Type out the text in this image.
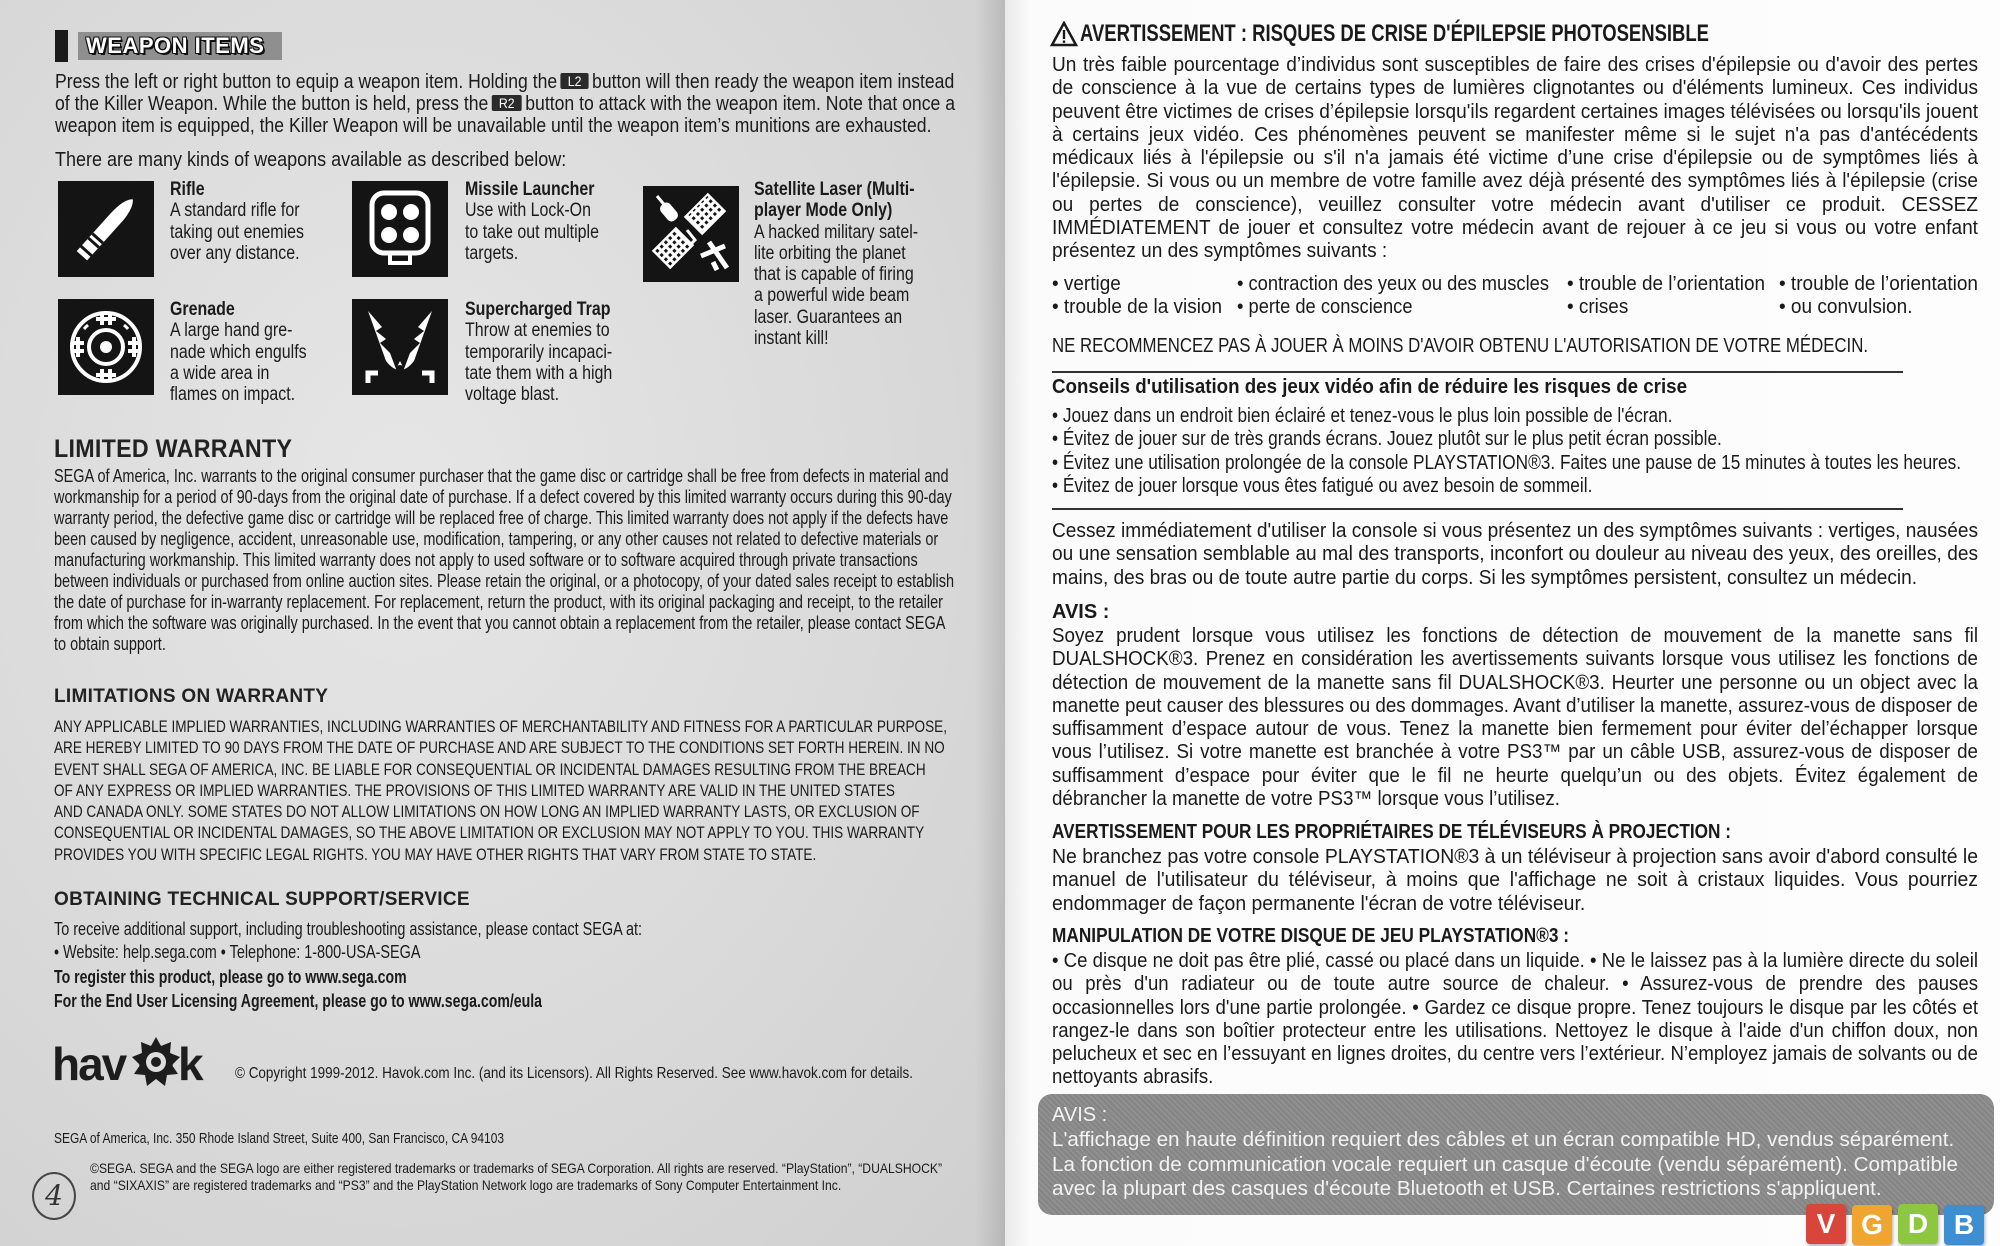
WEAPON ITEMS
Press the left or right button to equip a weapon item. Holding the L2 button will then ready the weapon item instead
of the Killer Weapon. While the button is held, press the R2 button to attack with the weapon item. Note that once a
weapon item is equipped, the Killer Weapon will be unavailable until the weapon item’s munitions are exhausted.
There are many kinds of weapons available as described below:
Rifle
A standard rifle for
taking out enemies
over any distance.
Missile Launcher
Use with Lock-On
to take out multiple
targets.
Satellite Laser (Multi-
player Mode Only)
A hacked military satel-
lite orbiting the planet
that is capable of firing
a powerful wide beam
laser. Guarantees an
instant kill!
Grenade
A large hand gre-
nade which engulfs
a wide area in
flames on impact.
Supercharged Trap
Throw at enemies to
temporarily incapaci-
tate them with a high
voltage blast.
LIMITED WARRANTY
SEGA of America, Inc. warrants to the original consumer purchaser that the game disc or cartridge shall be free from defects in material and
workmanship for a period of 90-days from the original date of purchase. If a defect covered by this limited warranty occurs during this 90-day
warranty period, the defective game disc or cartridge will be replaced free of charge. This limited warranty does not apply if the defects have
been caused by negligence, accident, unreasonable use, modification, tampering, or any other causes not related to defective materials or
manufacturing workmanship. This limited warranty does not apply to used software or to software acquired through private transactions
between individuals or purchased from online auction sites. Please retain the original, or a photocopy, of your dated sales receipt to establish
the date of purchase for in-warranty replacement. For replacement, return the product, with its original packaging and receipt, to the retailer
from which the software was originally purchased. In the event that you cannot obtain a replacement from the retailer, please contact SEGA
to obtain support.
LIMITATIONS ON WARRANTY
ANY APPLICABLE IMPLIED WARRANTIES, INCLUDING WARRANTIES OF MERCHANTABILITY AND FITNESS FOR A PARTICULAR PURPOSE,
ARE HEREBY LIMITED TO 90 DAYS FROM THE DATE OF PURCHASE AND ARE SUBJECT TO THE CONDITIONS SET FORTH HEREIN. IN NO
EVENT SHALL SEGA OF AMERICA, INC. BE LIABLE FOR CONSEQUENTIAL OR INCIDENTAL DAMAGES RESULTING FROM THE BREACH
OF ANY EXPRESS OR IMPLIED WARRANTIES. THE PROVISIONS OF THIS LIMITED WARRANTY ARE VALID IN THE UNITED STATES
AND CANADA ONLY. SOME STATES DO NOT ALLOW LIMITATIONS ON HOW LONG AN IMPLIED WARRANTY LASTS, OR EXCLUSION OF
CONSEQUENTIAL OR INCIDENTAL DAMAGES, SO THE ABOVE LIMITATION OR EXCLUSION MAY NOT APPLY TO YOU. THIS WARRANTY
PROVIDES YOU WITH SPECIFIC LEGAL RIGHTS. YOU MAY HAVE OTHER RIGHTS THAT VARY FROM STATE TO STATE.
OBTAINING TECHNICAL SUPPORT/SERVICE
To receive additional support, including troubleshooting assistance, please contact SEGA at:
• Website: help.sega.com • Telephone: 1-800-USA-SEGA
To register this product, please go to www.sega.com
For the End User Licensing Agreement, please go to www.sega.com/eula
hav k © Copyright 1999-2012. Havok.com Inc. (and its Licensors). All Rights Reserved. See www.havok.com for details.
SEGA of America, Inc. 350 Rhode Island Street, Suite 400, San Francisco, CA 94103
©SEGA. SEGA and the SEGA logo are either registered trademarks or trademarks of SEGA Corporation. All rights are reserved. “PlayStation”, “DUALSHOCK”
and “SIXAXIS” are registered trademarks and “PS3” and the PlayStation Network logo are trademarks of Sony Computer Entertainment Inc.
4
AVERTISSEMENT : RISQUES DE CRISE D'ÉPILEPSIE PHOTOSENSIBLE
Un très faible pourcentage d’individus sont susceptibles de faire des crises d'épilepsie ou d'avoir des pertes
de conscience à la vue de certains types de lumières clignotantes ou d'éléments lumineux. Ces individus
peuvent être victimes de crises d’épilepsie lorsqu'ils regardent certaines images télévisées ou lorsqu'ils jouent
à certains jeux vidéo. Ces phénomènes peuvent se manifester même si le sujet n'a pas d'antécédents
médicaux liés à l'épilepsie ou s'il n'a jamais été victime d’une crise d'épilepsie ou de symptômes liés à
l'épilepsie. Si vous ou un membre de votre famille avez déjà présenté des symptômes liés à l'épilepsie (crise
ou pertes de conscience), veuillez consulter votre médecin avant d'utiliser ce produit. CESSEZ
IMMÉDIATEMENT de jouer et consultez votre médecin avant de rejouer à ce jeu si vous ou votre enfant
présentez un des symptômes suivants :
• vertige
• trouble de la vision
• contraction des yeux ou des muscles
• perte de conscience
• trouble de l’orientation
• crises
• trouble de l’orientation
• ou convulsion.
NE RECOMMENCEZ PAS À JOUER À MOINS D'AVOIR OBTENU L'AUTORISATION DE VOTRE MÉDECIN.
Conseils d'utilisation des jeux vidéo afin de réduire les risques de crise
• Jouez dans un endroit bien éclairé et tenez-vous le plus loin possible de l'écran.
• Évitez de jouer sur de très grands écrans. Jouez plutôt sur le plus petit écran possible.
• Évitez une utilisation prolongée de la console PLAYSTATION®3. Faites une pause de 15 minutes à toutes les heures.
• Évitez de jouer lorsque vous êtes fatigué ou avez besoin de sommeil.
Cessez immédiatement d'utiliser la console si vous présentez un des symptômes suivants : vertiges, nausées
ou une sensation semblable au mal des transports, inconfort ou douleur au niveau des yeux, des oreilles, des
mains, des bras ou de toute autre partie du corps. Si les symptômes persistent, consultez un médecin.
AVIS :
Soyez prudent lorsque vous utilisez les fonctions de détection de mouvement de la manette sans fil
DUALSHOCK®3. Prenez en considération les avertissements suivants lorsque vous utilisez les fonctions de
détection de mouvement de la manette sans fil DUALSHOCK®3. Heurter une personne ou un object avec la
manette peut causer des blessures ou des dommages. Avant d’utiliser la manette, assurez-vous de disposer de
suffisamment d’espace autour de vous. Tenez la manette bien fermement pour éviter del’échapper lorsque
vous l’utilisez. Si votre manette est branchée à votre PS3™ par un câble USB, assurez-vous de disposer de
suffisamment d’espace pour éviter que le fil ne heurte quelqu’un ou des objets. Évitez également de
débrancher la manette de votre PS3™ lorsque vous l’utilisez.
AVERTISSEMENT POUR LES PROPRIÉTAIRES DE TÉLÉVISEURS À PROJECTION :
Ne branchez pas votre console PLAYSTATION®3 à un téléviseur à projection sans avoir d'abord consulté le
manuel de l'utilisateur du téléviseur, à moins que l'affichage ne soit à cristaux liquides. Vous pourriez
endommager de façon permanente l'écran de votre téléviseur.
MANIPULATION DE VOTRE DISQUE DE JEU PLAYSTATION®3 :
• Ce disque ne doit pas être plié, cassé ou placé dans un liquide. • Ne le laissez pas à la lumière directe du soleil
ou près d'un radiateur ou de toute autre source de chaleur. • Assurez-vous de prendre des pauses
occasionnelles lors d'une partie prolongée. • Gardez ce disque propre. Tenez toujours le disque par les côtés et
rangez-le dans son boîtier protecteur entre les utilisations. Nettoyez le disque à l'aide d'un chiffon doux, non
pelucheux et sec en l’essuyant en lignes droites, du centre vers l’extérieur. N’employez jamais de solvants ou de
nettoyants abrasifs.
AVIS :
L'affichage en haute définition requiert des câbles et un écran compatible HD, vendus séparément.
La fonction de communication vocale requiert un casque d'écoute (vendu séparément). Compatible
avec la plupart des casques d'écoute Bluetooth et USB. Certaines restrictions s'appliquent.
V G D B
